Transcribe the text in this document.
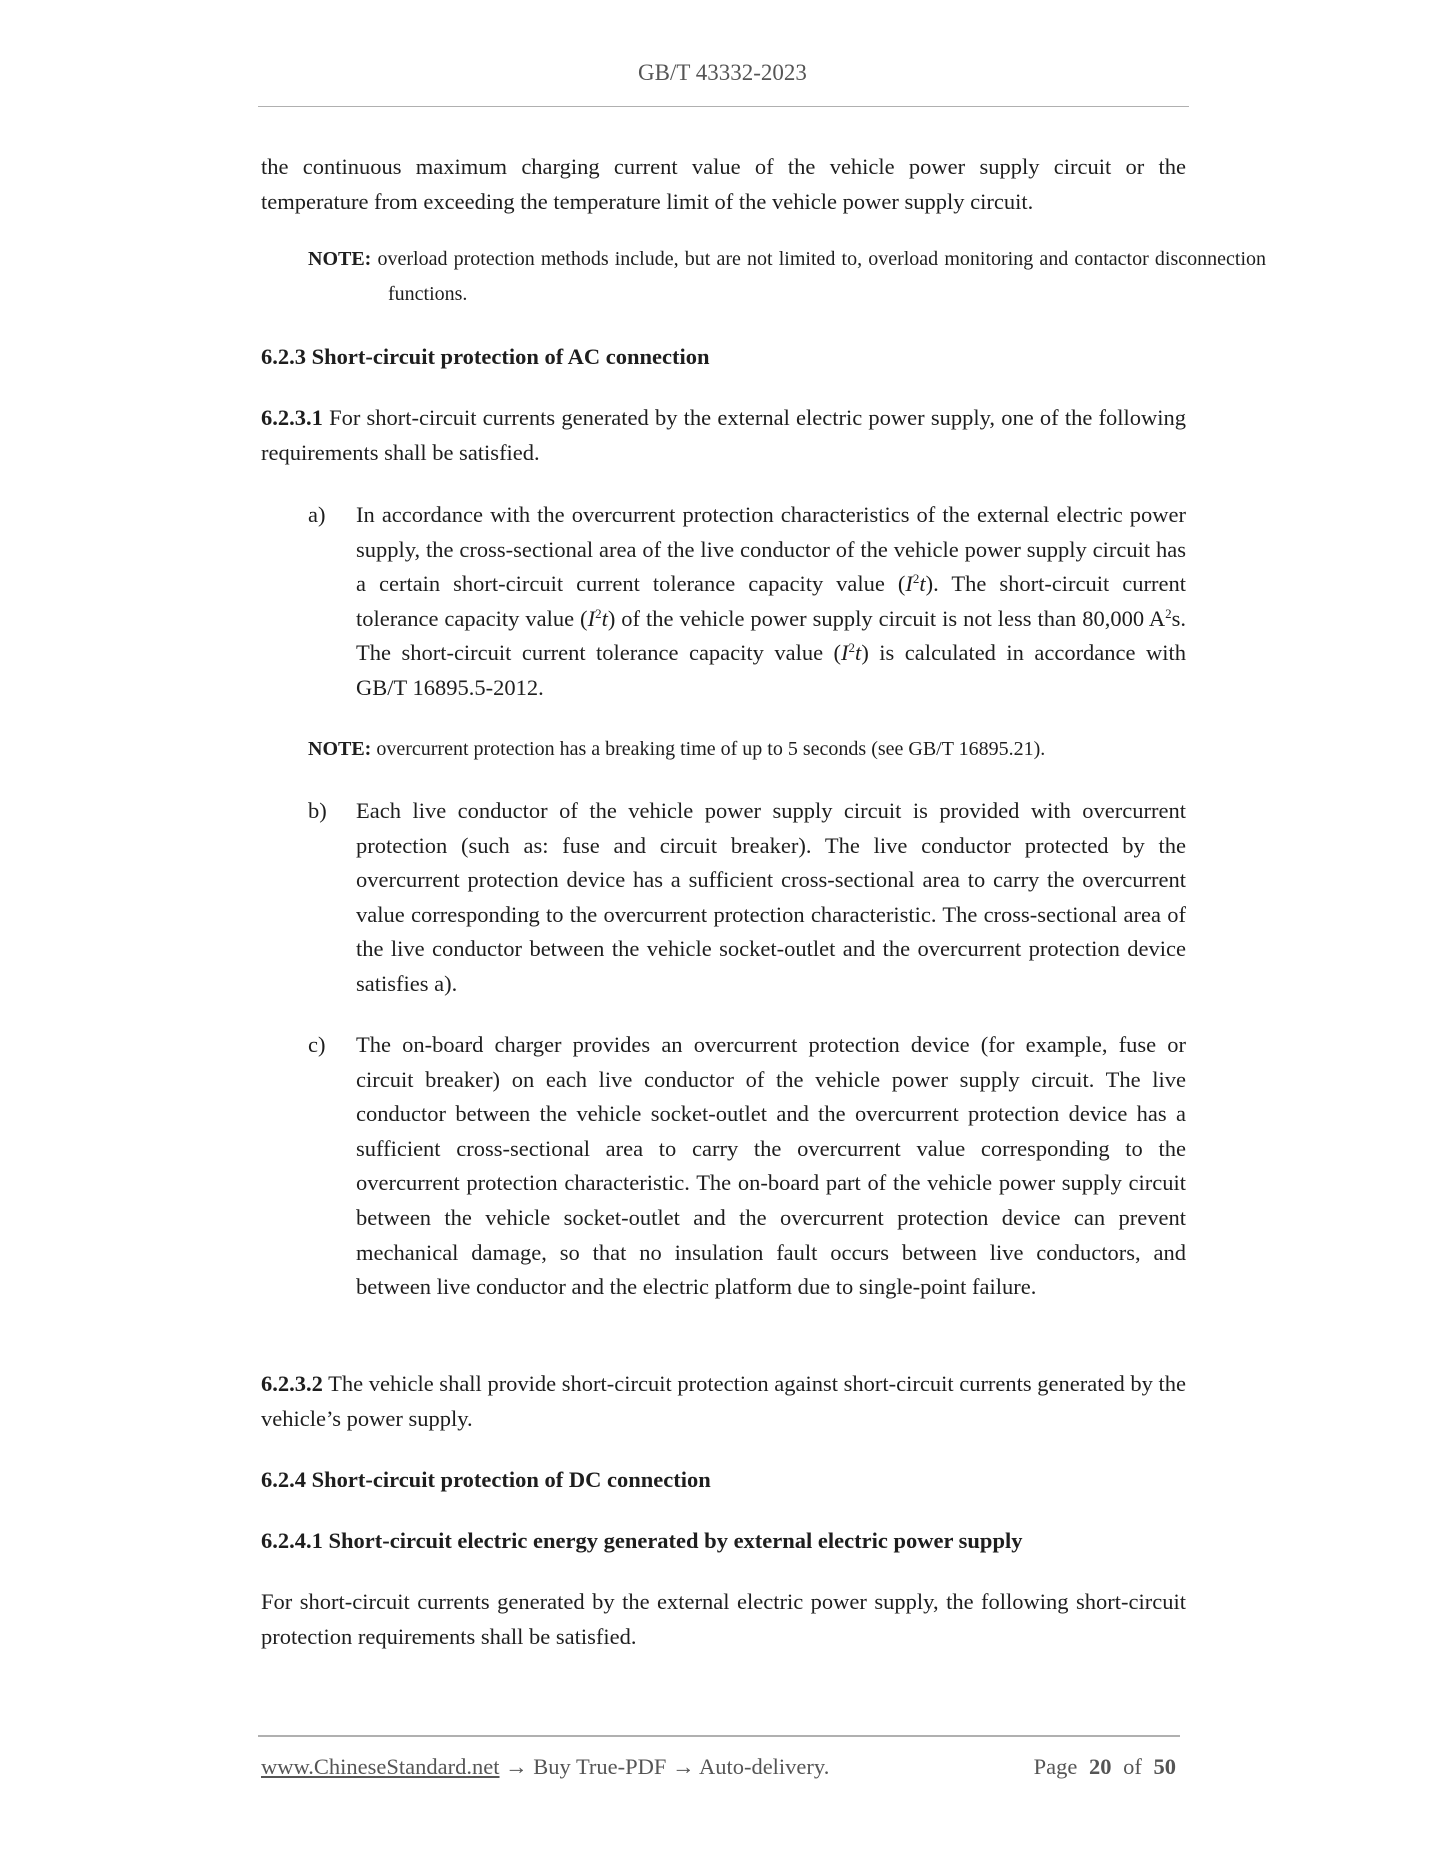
GB/T 43332-2023
the continuous maximum charging current value of the vehicle power supply circuit or the temperature from exceeding the temperature limit of the vehicle power supply circuit.
NOTE: overload protection methods include, but are not limited to, overload monitoring and contactor disconnection functions.
6.2.3 Short-circuit protection of AC connection
6.2.3.1 For short-circuit currents generated by the external electric power supply, one of the following requirements shall be satisfied.
a) In accordance with the overcurrent protection characteristics of the external electric power supply, the cross-sectional area of the live conductor of the vehicle power supply circuit has a certain short-circuit current tolerance capacity value $(I^2t)$. The short-circuit current tolerance capacity value $(I^2t)$ of the vehicle power supply circuit is not less than 80,000 $A^2s$. The short-circuit current tolerance capacity value $(I^2t)$ is calculated in accordance with GB/T 16895.5-2012.
NOTE: overcurrent protection has a breaking time of up to 5 seconds (see GB/T 16895.21).
b) Each live conductor of the vehicle power supply circuit is provided with overcurrent protection (such as: fuse and circuit breaker). The live conductor protected by the overcurrent protection device has a sufficient cross-sectional area to carry the overcurrent value corresponding to the overcurrent protection characteristic. The cross-sectional area of the live conductor between the vehicle socket-outlet and the overcurrent protection device satisfies a).
c) The on-board charger provides an overcurrent protection device (for example, fuse or circuit breaker) on each live conductor of the vehicle power supply circuit. The live conductor between the vehicle socket-outlet and the overcurrent protection device has a sufficient cross-sectional area to carry the overcurrent value corresponding to the overcurrent protection characteristic. The on-board part of the vehicle power supply circuit between the vehicle socket-outlet and the overcurrent protection device can prevent mechanical damage, so that no insulation fault occurs between live conductors, and between live conductor and the electric platform due to single-point failure.
6.2.3.2 The vehicle shall provide short-circuit protection against short-circuit currents generated by the vehicle’s power supply.
6.2.4 Short-circuit protection of DC connection
6.2.4.1 Short-circuit electric energy generated by external electric power supply
For short-circuit currents generated by the external electric power supply, the following short-circuit protection requirements shall be satisfied.
www.ChineseStandard.net → Buy True-PDF → Auto-delivery.	Page 20 of 50
